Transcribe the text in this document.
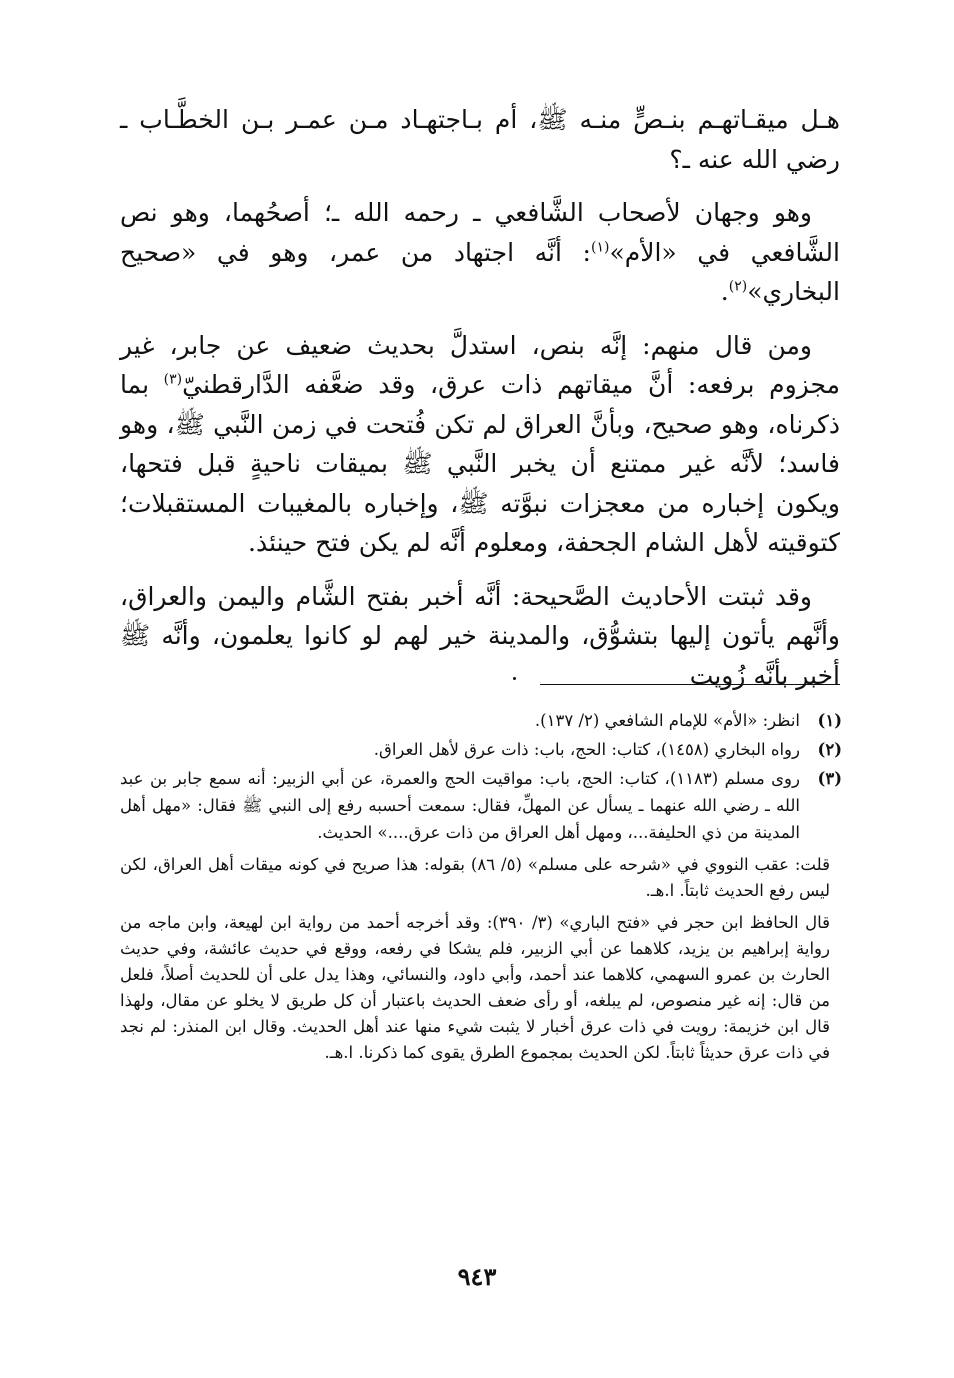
هـل ميقـاتهـم بنـصٍّ منـه ﷺ، أم بـاجتهـاد مـن عمـر بـن الخطَّـاب ـ رضي الله عنه ـ؟

وهو وجهان لأصحاب الشَّافعي ـ رحمه الله ـ؛ أصحُهما، وهو نص الشَّافعي في «الأم»$^{(١)}$: أنَّه اجتهاد من عمر، وهو في «صحيح البخاري»$^{(٢)}$.

ومن قال منهم: إنَّه بنص، استدلَّ بحديث ضعيف عن جابر، غير مجزوم برفعه: أنَّ ميقاتهم ذات عرق، وقد ضعَّفه الدَّارقطنيّ$^{(٣)}$ بما ذكرناه، وهو صحيح، وبأنَّ العراق لم تكن فُتحت في زمن النَّبي ﷺ، وهو فاسد؛ لأنَّه غير ممتنع أن يخبر النَّبي ﷺ بميقات ناحيةٍ قبل فتحها، ويكون إخباره من معجزات نبوَّته ﷺ، وإخباره بالمغيبات المستقبلات؛ كتوقيته لأهل الشام الجحفة، ومعلوم أنَّه لم يكن فتح حينئذ.

وقد ثبتت الأحاديث الصَّحيحة: أنَّه أخبر بفتح الشَّام واليمن والعراق، وأنَّهم يأتون إليها بتشوُّق، والمدينة خير لهم لو كانوا يعلمون، وأنَّه ﷺ أخبر بأنَّه زُويت

(١)
انظر: «الأم» للإمام الشافعي (٢/ ١٣٧).
(٢)
رواه البخاري (١٤٥٨)، كتاب: الحج، باب: ذات عرق لأهل العراق.
(٣)
روى مسلم (١١٨٣)، كتاب: الحج، باب: مواقيت الحج والعمرة، عن أبي الزبير: أنه سمع جابر بن عبد الله ـ رضي الله عنهما ـ يسأل عن المهلِّ، فقال: سمعت أحسبه رفع إلى النبي ﷺ فقال: «مهل أهل المدينة من ذي الحليفة...، ومهل أهل العراق من ذات عرق....» الحديث.
قلت: عقب النووي في «شرحه على مسلم» (٥/ ٨٦) بقوله: هذا صريح في كونه ميقات أهل العراق، لكن ليس رفع الحديث ثابتاً. ا.هـ.
قال الحافظ ابن حجر في «فتح الباري» (٣/ ٣٩٠): وقد أخرجه أحمد من رواية ابن لهيعة، وابن ماجه من رواية إبراهيم بن يزيد، كلاهما عن أبي الزبير، فلم يشكا في رفعه، ووقع في حديث عائشة، وفي حديث الحارث بن عمرو السهمي، كلاهما عند أحمد، وأبي داود، والنسائي، وهذا يدل على أن للحديث أصلاً، فلعل من قال: إنه غير منصوص، لم يبلغه، أو رأى ضعف الحديث باعتبار أن كل طريق لا يخلو عن مقال، ولهذا قال ابن خزيمة: رويت في ذات عرق أخبار لا يثبت شيء منها عند أهل الحديث. وقال ابن المنذر: لم نجد في ذات عرق حديثاً ثابتاً. لكن الحديث بمجموع الطرق يقوى كما ذكرنا. ا.هـ.
٩٤٣
